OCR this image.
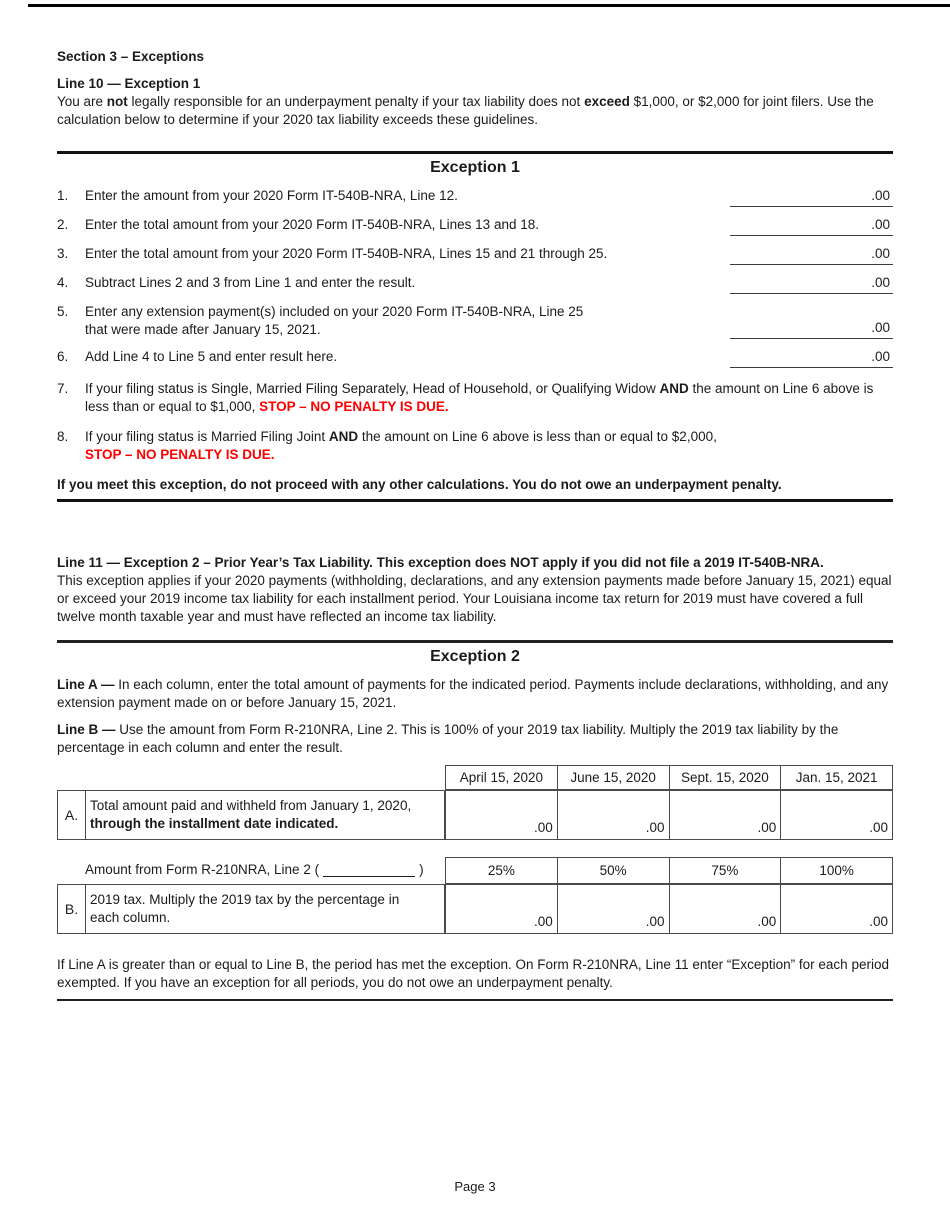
Section 3 – Exceptions
Line 10 — Exception 1

You are not legally responsible for an underpayment penalty if your tax liability does not exceed $1,000, or $2,000 for joint filers. Use the calculation below to determine if your 2020 tax liability exceeds these guidelines.

Exception 1
1.	Enter the amount from your 2020 Form IT-540B-NRA, Line 12.	.00
2.	Enter the total amount from your 2020 Form IT-540B-NRA, Lines 13 and 18.	.00
3.	Enter the total amount from your 2020 Form IT-540B-NRA, Lines 15 and 21 through 25.	.00
4.	Subtract Lines 2 and 3 from Line 1 and enter the result.	.00
5.	Enter any extension payment(s) included on your 2020 Form IT-540B-NRA, Line 25
that were made after January 15, 2021.	.00
6.	Add Line 4 to Line 5 and enter result here.	.00
7.	If your filing status is Single, Married Filing Separately, Head of Household, or Qualifying Widow AND the amount on Line 6 above is less than or equal to $1,000, STOP – NO PENALTY IS DUE.
8.	If your filing status is Married Filing Joint AND the amount on Line 6 above is less than or equal to $2,000,
STOP – NO PENALTY IS DUE.
If you meet this exception, do not proceed with any other calculations. You do not owe an underpayment penalty.
Line 11 — Exception 2 – Prior Year’s Tax Liability. This exception does NOT apply if you did not file a 2019 IT-540B-NRA.

This exception applies if your 2020 payments (withholding, declarations, and any extension payments made before January 15, 2021) equal or exceed your 2019 income tax liability for each installment period. Your Louisiana income tax return for 2019 must have covered a full twelve month taxable year and must have reflected an income tax liability.

Exception 2

Line A — In each column, enter the total amount of payments for the indicated period. Payments include declarations, withholding, and any extension payment made on or before January 15, 2021.

Line B — Use the amount from Form R-210NRA, Line 2. This is 100% of your 2019 tax liability. Multiply the 2019 tax liability by the percentage in each column and enter the result.

April 15, 2020	June 15, 2020	Sept. 15, 2020	Jan. 15, 2021
A.
Total amount paid and withheld from January 1, 2020,
through the installment date indicated.	.00	.00	.00	.00
Amount from Form R-210NRA, Line 2 (	)	25%	50%	75%	100%
B.
2019 tax. Multiply the 2019 tax by the percentage in
each column.	.00	.00	.00	.00

If Line A is greater than or equal to Line B, the period has met the exception. On Form R-210NRA, Line 11 enter “Exception” for each period exempted. If you have an exception for all periods, you do not owe an underpayment penalty.

Page 3
